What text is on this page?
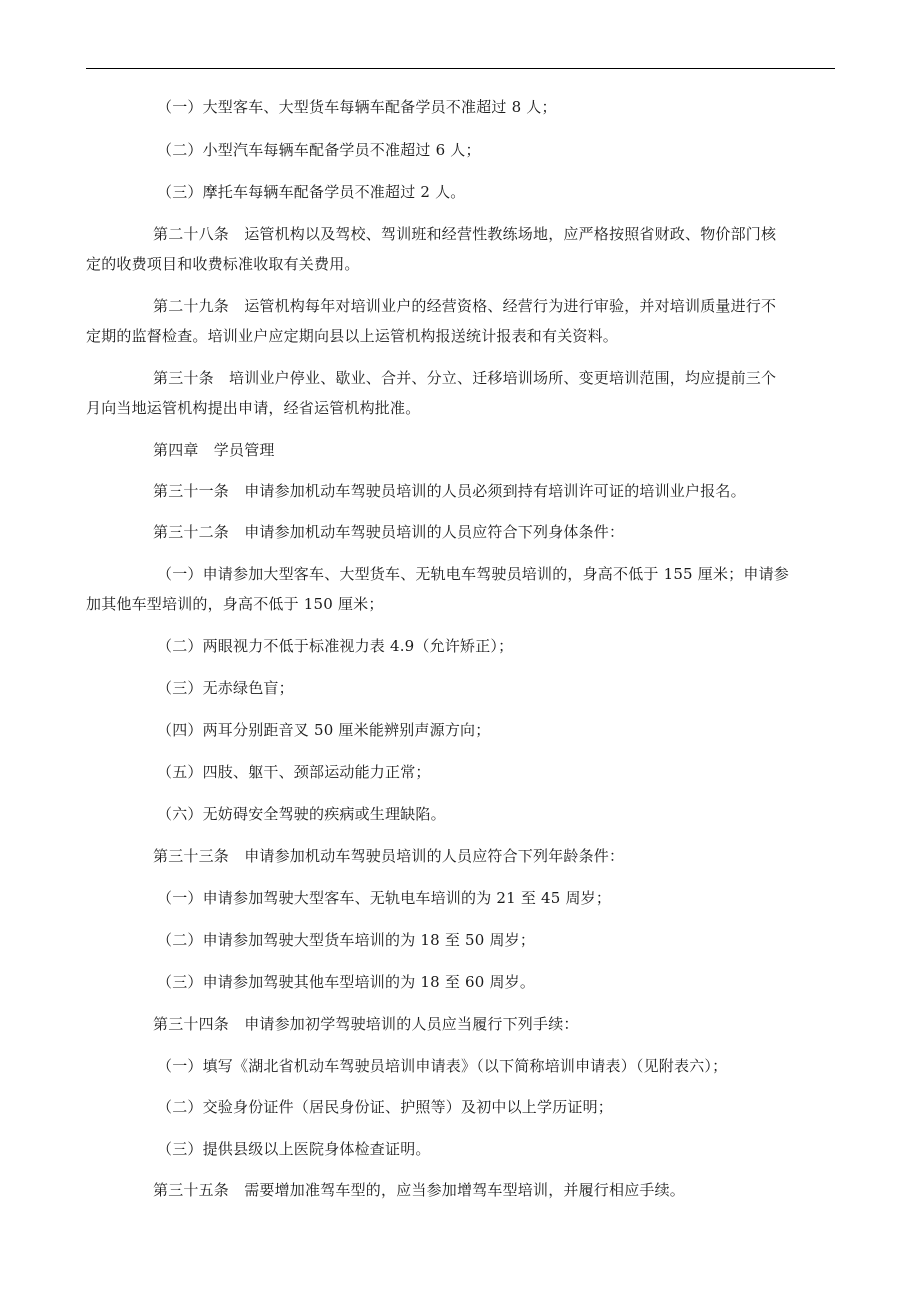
（一）大型客车、大型货车每辆车配备学员不准超过 8 人；
（二）小型汽车每辆车配备学员不准超过 6 人；
（三）摩托车每辆车配备学员不准超过 2 人。
第二十八条　运管机构以及驾校、驾训班和经营性教练场地，应严格按照省财政、物价部门核
定的收费项目和收费标准收取有关费用。
第二十九条　运管机构每年对培训业户的经营资格、经营行为进行审验，并对培训质量进行不
定期的监督检查。培训业户应定期向县以上运管机构报送统计报表和有关资料。
第三十条　培训业户停业、歇业、合并、分立、迁移培训场所、变更培训范围，均应提前三个
月向当地运管机构提出申请，经省运管机构批准。
第四章　学员管理
第三十一条　申请参加机动车驾驶员培训的人员必须到持有培训许可证的培训业户报名。
第三十二条　申请参加机动车驾驶员培训的人员应符合下列身体条件：
（一）申请参加大型客车、大型货车、无轨电车驾驶员培训的，身高不低于 155 厘米；申请参
加其他车型培训的，身高不低于 150 厘米；
（二）两眼视力不低于标准视力表 4.9（允许矫正）；
（三）无赤绿色盲；
（四）两耳分别距音叉 50 厘米能辨别声源方向；
（五）四肢、躯干、颈部运动能力正常；
（六）无妨碍安全驾驶的疾病或生理缺陷。
第三十三条　申请参加机动车驾驶员培训的人员应符合下列年龄条件：
（一）申请参加驾驶大型客车、无轨电车培训的为 21 至 45 周岁；
（二）申请参加驾驶大型货车培训的为 18 至 50 周岁；
（三）申请参加驾驶其他车型培训的为 18 至 60 周岁。
第三十四条　申请参加初学驾驶培训的人员应当履行下列手续：
（一）填写《湖北省机动车驾驶员培训申请表》（以下简称培训申请表）（见附表六）；
（二）交验身份证件（居民身份证、护照等）及初中以上学历证明；
（三）提供县级以上医院身体检查证明。
第三十五条　需要增加准驾车型的，应当参加增驾车型培训，并履行相应手续。
